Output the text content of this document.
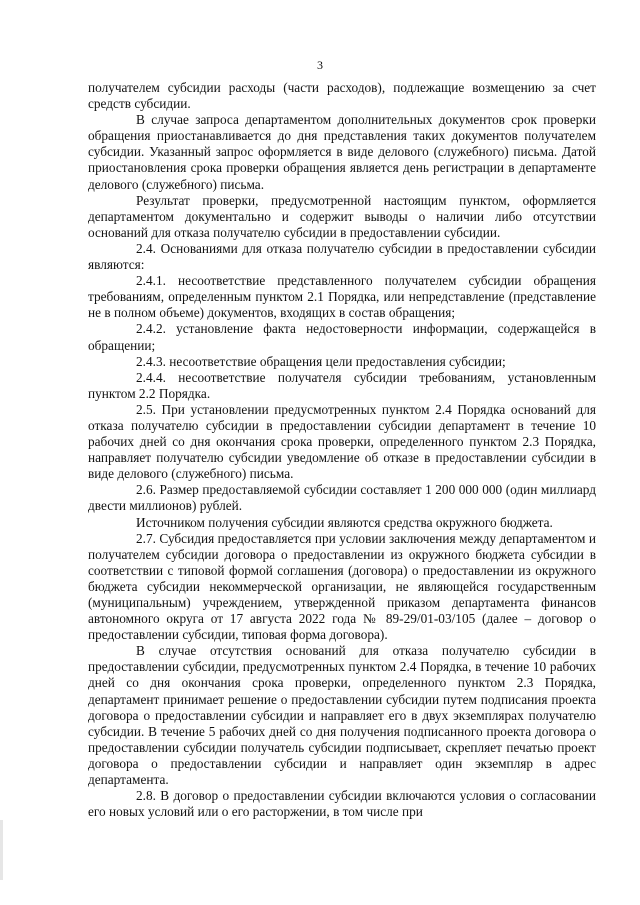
3

получателем субсидии расходы (части расходов), подлежащие возмещению за счет средств субсидии.

В случае запроса департаментом дополнительных документов срок проверки обращения приостанавливается до дня представления таких документов получателем субсидии. Указанный запрос оформляется в виде делового (служебного) письма. Датой приостановления срока проверки обращения является день регистрации в департаменте делового (служебного) письма.

Результат проверки, предусмотренной настоящим пунктом, оформляется департаментом документально и содержит выводы о наличии либо отсутствии оснований для отказа получателю субсидии в предоставлении субсидии.

2.4. Основаниями для отказа получателю субсидии в предоставлении субсидии являются:

2.4.1. несоответствие представленного получателем субсидии обращения требованиям, определенным пунктом 2.1 Порядка, или непредставление (представление не в полном объеме) документов, входящих в состав обращения;

2.4.2. установление факта недостоверности информации, содержащейся в обращении;

2.4.3. несоответствие обращения цели предоставления субсидии;

2.4.4. несоответствие получателя субсидии требованиям, установленным пунктом 2.2 Порядка.

2.5. При установлении предусмотренных пунктом 2.4 Порядка оснований для отказа получателю субсидии в предоставлении субсидии департамент в течение 10 рабочих дней со дня окончания срока проверки, определенного пунктом 2.3 Порядка, направляет получателю субсидии уведомление об отказе в предоставлении субсидии в виде делового (служебного) письма.

2.6. Размер предоставляемой субсидии составляет 1 200 000 000 (один миллиард двести миллионов) рублей.

Источником получения субсидии являются средства окружного бюджета.

2.7. Субсидия предоставляется при условии заключения между департаментом и получателем субсидии договора о предоставлении из окружного бюджета субсидии в соответствии с типовой формой соглашения (договора) о предоставлении из окружного бюджета субсидии некоммерческой организации, не являющейся государственным (муниципальным) учреждением, утвержденной приказом департамента финансов автономного округа от 17 августа 2022 года № 89-29/01-03/105 (далее – договор о предоставлении субсидии, типовая форма договора).

В случае отсутствия оснований для отказа получателю субсидии в предоставлении субсидии, предусмотренных пунктом 2.4 Порядка, в течение 10 рабочих дней со дня окончания срока проверки, определенного пунктом 2.3 Порядка, департамент принимает решение о предоставлении субсидии путем подписания проекта договора о предоставлении субсидии и направляет его в двух экземплярах получателю субсидии. В течение 5 рабочих дней со дня получения подписанного проекта договора о предоставлении субсидии получатель субсидии подписывает, скрепляет печатью проект договора о предоставлении субсидии и направляет один экземпляр в адрес департамента.

2.8. В договор о предоставлении субсидии включаются условия о согласовании его новых условий или о его расторжении, в том числе при
